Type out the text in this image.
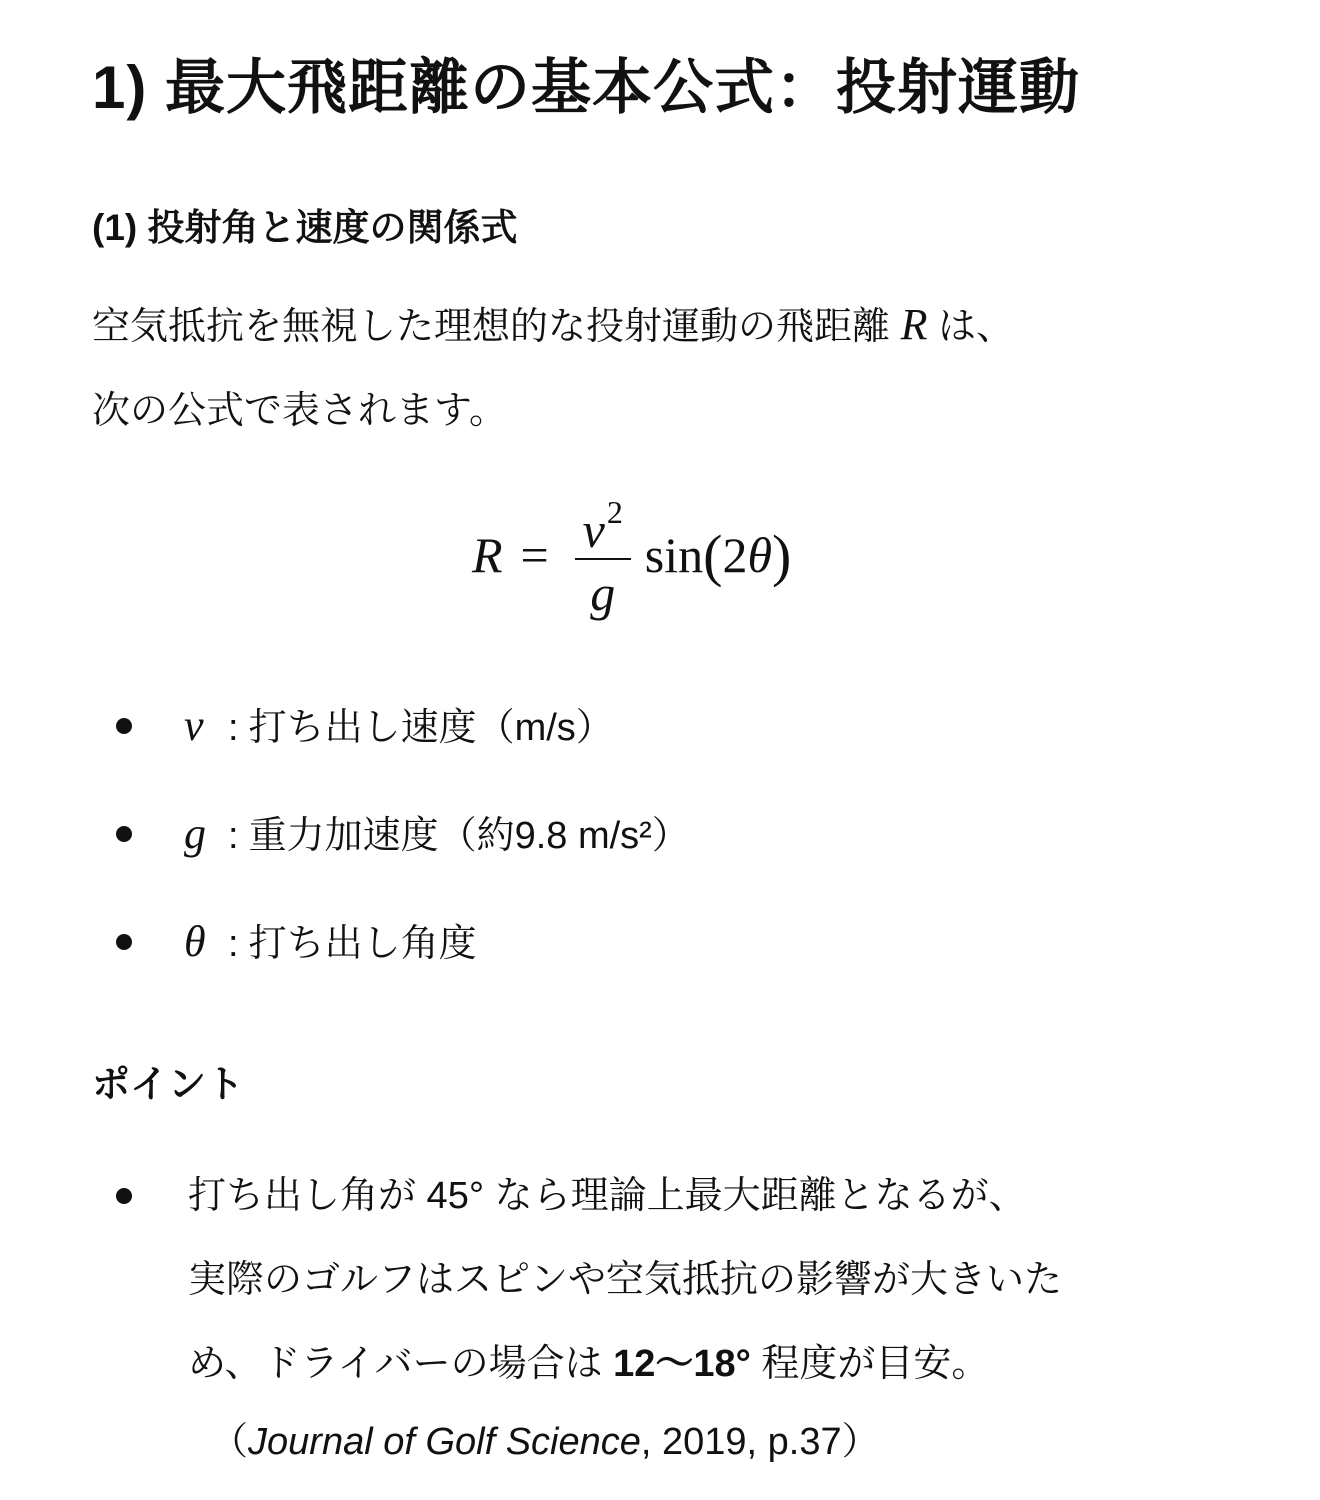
1) 最大飛距離の基本公式：投射運動
(1) 投射角と速度の関係式
空気抵抗を無視した理想的な投射運動の飛距離 R は、
次の公式で表されます。
$R = \frac{v^2}{g}$ sin ( 2 θ )
v : 打ち出し速度（m/s）
g : 重力加速度（約9.8 m/s²）
θ : 打ち出し角度
ポイント
打ち出し角が 45° なら理論上最大距離となるが、
実際のゴルフはスピンや空気抵抗の影響が大きいた
め、ドライバーの場合は 12〜18° 程度が目安。
（Journal of Golf Science, 2019, p.37）
